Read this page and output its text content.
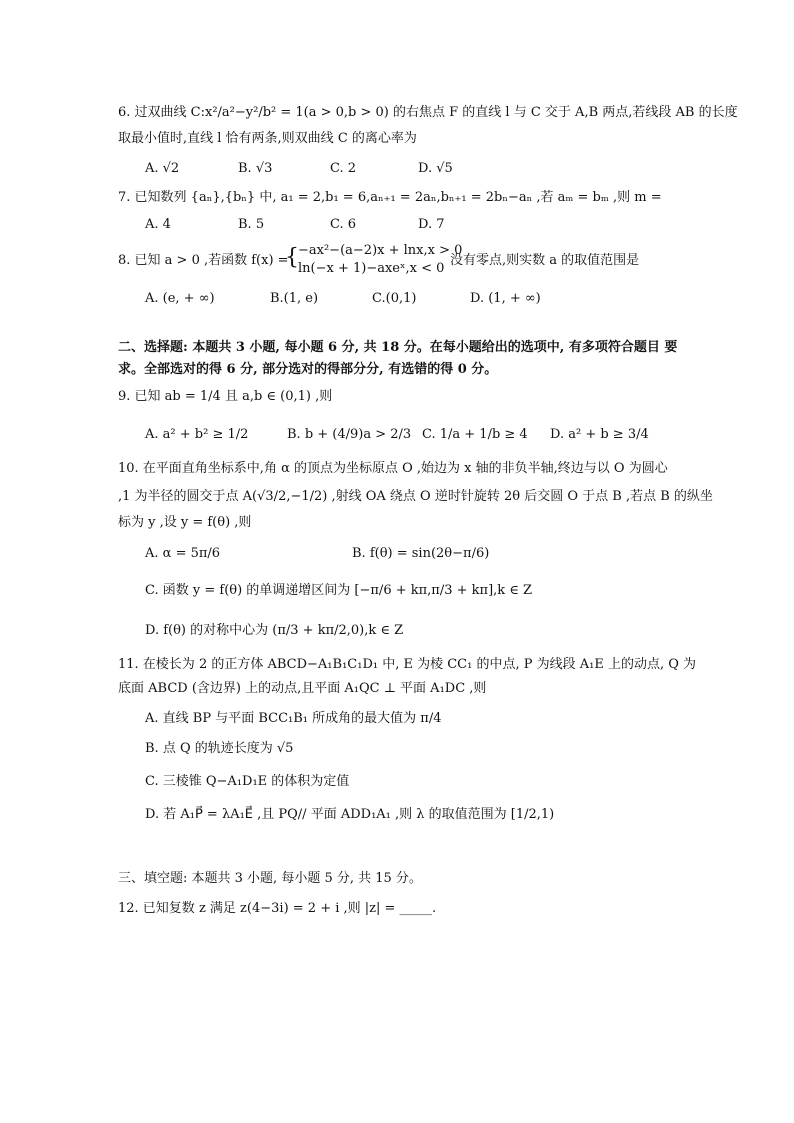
6. 过双曲线 C:x²/a²−y²/b² = 1(a > 0,b > 0) 的右焦点 F 的直线 l 与 C 交于 A,B 两点,若线段 AB 的长度
取最小值时,直线 l 恰有两条,则双曲线 C 的离心率为
A. √2	B. √3	C. 2	D. √5
7. 已知数列 {aₙ},{bₙ} 中, a₁ = 2,b₁ = 6,aₙ₊₁ = 2aₙ,bₙ₊₁ = 2bₙ−aₙ ,若 aₘ = bₘ ,则 m =
A. 4	B. 5	C. 6	D. 7
8. 已知 a > 0 ,若函数 f(x) =
{ −ax²−(a−2)x + lnx,x > 0
ln(−x + 1)−axeˣ,x < 0
没有零点,则实数 a 的取值范围是
A. (e, + ∞)	B.(1, e)	C.(0,1)	D. (1, + ∞)
二、选择题: 本题共 3 小题, 每小题 6 分, 共 18 分。在每小题给出的选项中, 有多项符合题目 要求。全部选对的得 6 分, 部分选对的得部分分, 有选错的得 0 分。
9. 已知 ab = 1/4 且 a,b ∈ (0,1) ,则
A. a² + b² ≥ 1/2	B. b + (4/9)a > 2/3 C. 1/a + 1/b ≥ 4 D. a² + b ≥ 3/4
10. 在平面直角坐标系中,角 α 的顶点为坐标原点 O ,始边为 x 轴的非负半轴,终边与以 O 为圆心
,1 为半径的圆交于点 A(√3/2,−1/2) ,射线 OA 绕点 O 逆时针旋转 2θ 后交圆 O 于点 B ,若点 B 的纵坐
标为 y ,设 y = f(θ) ,则
A. α = 5π/6	B. f(θ) = sin(2θ−π/6)
C. 函数 y = f(θ) 的单调递增区间为 [−π/6 + kπ,π/3 + kπ],k ∈ Z
D. f(θ) 的对称中心为 (π/3 + kπ/2,0),k ∈ Z
11. 在棱长为 2 的正方体 ABCD−A₁B₁C₁D₁ 中, E 为棱 CC₁ 的中点, P 为线段 A₁E 上的动点, Q 为
底面 ABCD (含边界) 上的动点,且平面 A₁QC ⊥ 平面 A₁DC ,则
A. 直线 BP 与平面 BCC₁B₁ 所成角的最大值为 π/4
B. 点 Q 的轨迹长度为 √5
C. 三棱锥 Q−A₁D₁E 的体积为定值
D. 若 A₁P⃗ = λA₁E⃗ ,且 PQ// 平面 ADD₁A₁ ,则 λ 的取值范围为 [1/2,1)
三、填空题: 本题共 3 小题, 每小题 5 分, 共 15 分。
12. 已知复数 z 满足 z(4−3i) = 2 + i ,则 |z| = _____.
